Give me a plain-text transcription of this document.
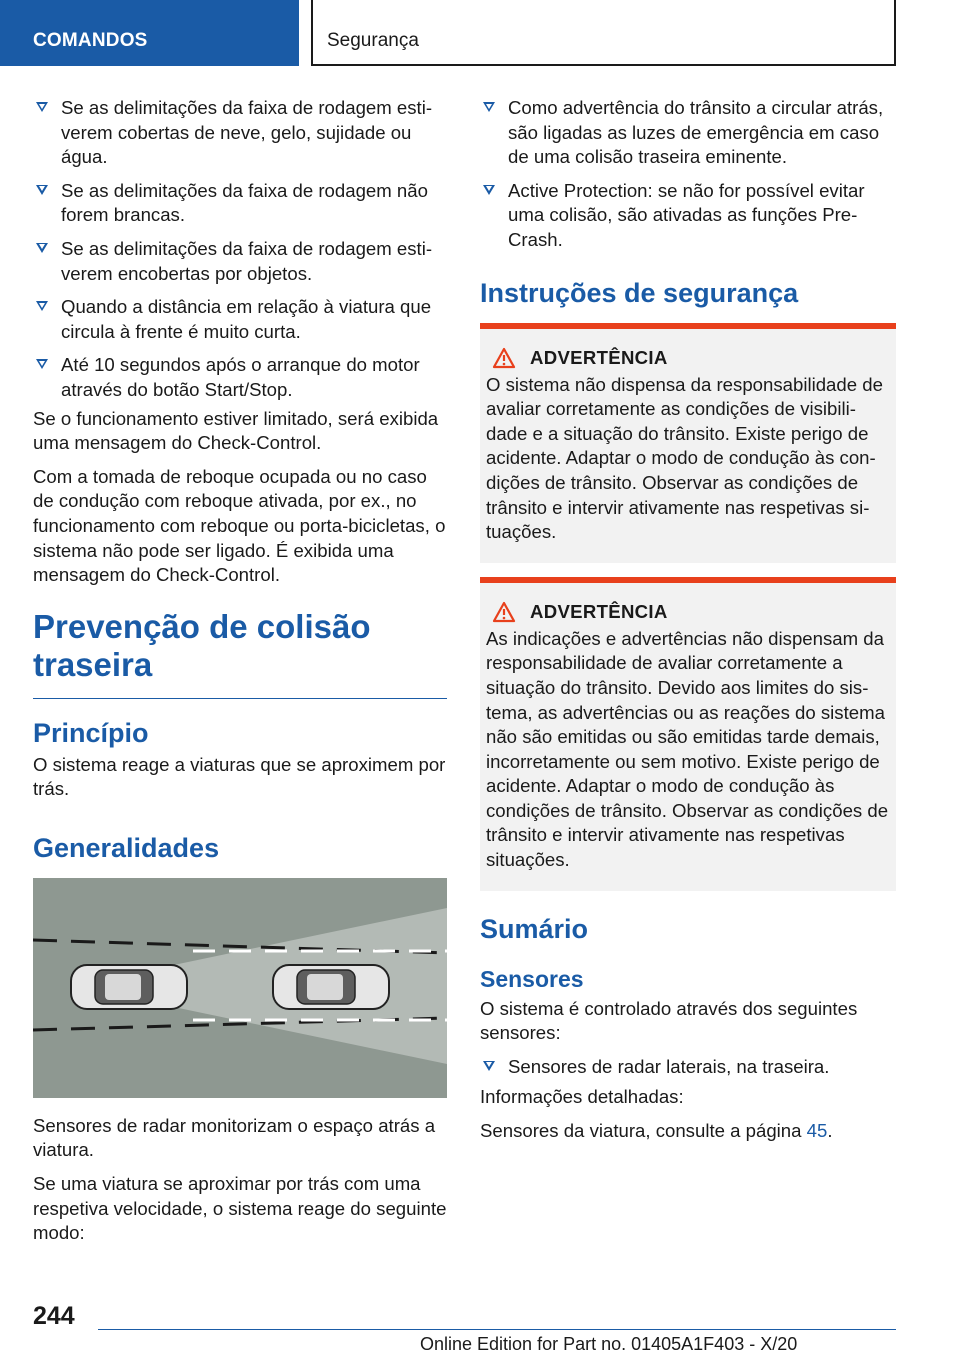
COMANDOS	Segurança
Se as delimitações da faixa de rodagem estiverem cobertas de neve, gelo, sujidade ou água.
Se as delimitações da faixa de rodagem não forem brancas.
Se as delimitações da faixa de rodagem estiverem encobertas por objetos.
Quando a distância em relação à viatura que circula à frente é muito curta.
Até 10 segundos após o arranque do motor através do botão Start/Stop.

Se o funcionamento estiver limitado, será exibida uma mensagem do Check-Control.

Com a tomada de reboque ocupada ou no caso de condução com reboque ativada, por ex., no funcionamento com reboque ou porta-bicicletas, o sistema não pode ser ligado. É exibida uma mensagem do Check-Control.

Prevenção de colisão traseira
Princípio

O sistema reage a viaturas que se aproximem por trás.

Generalidades

Sensores de radar monitorizam o espaço atrás a viatura.

Se uma viatura se aproximar por trás com uma respetiva velocidade, o sistema reage do seguinte modo:

Como advertência do trânsito a circular atrás, são ligadas as luzes de emergência em caso de uma colisão traseira eminente.
Active Protection: se não for possível evitar uma colisão, são ativadas as funções Pre-Crash.
Instruções de segurança
ADVERTÊNCIA

O sistema não dispensa da responsabilidade de avaliar corretamente as condições de visibilidade e a situação do trânsito. Existe perigo de acidente. Adaptar o modo de condução às condições de trânsito. Observar as condições de trânsito e intervir ativamente nas respetivas situações.

ADVERTÊNCIA

As indicações e advertências não dispensam da responsabilidade de avaliar corretamente a situação do trânsito. Devido aos limites do sistema, as advertências ou as reações do sistema não são emitidas ou são emitidas tarde demais, incorretamente ou sem motivo. Existe perigo de acidente. Adaptar o modo de condução às condições de trânsito. Observar as condições de trânsito e intervir ativamente nas respetivas situações.

Sumário
Sensores

O sistema é controlado através dos seguintes sensores:

Sensores de radar laterais, na traseira.

Informações detalhadas:

Sensores da viatura, consulte a página 45.

244
Online Edition for Part no. 01405A1F403 - X/20
